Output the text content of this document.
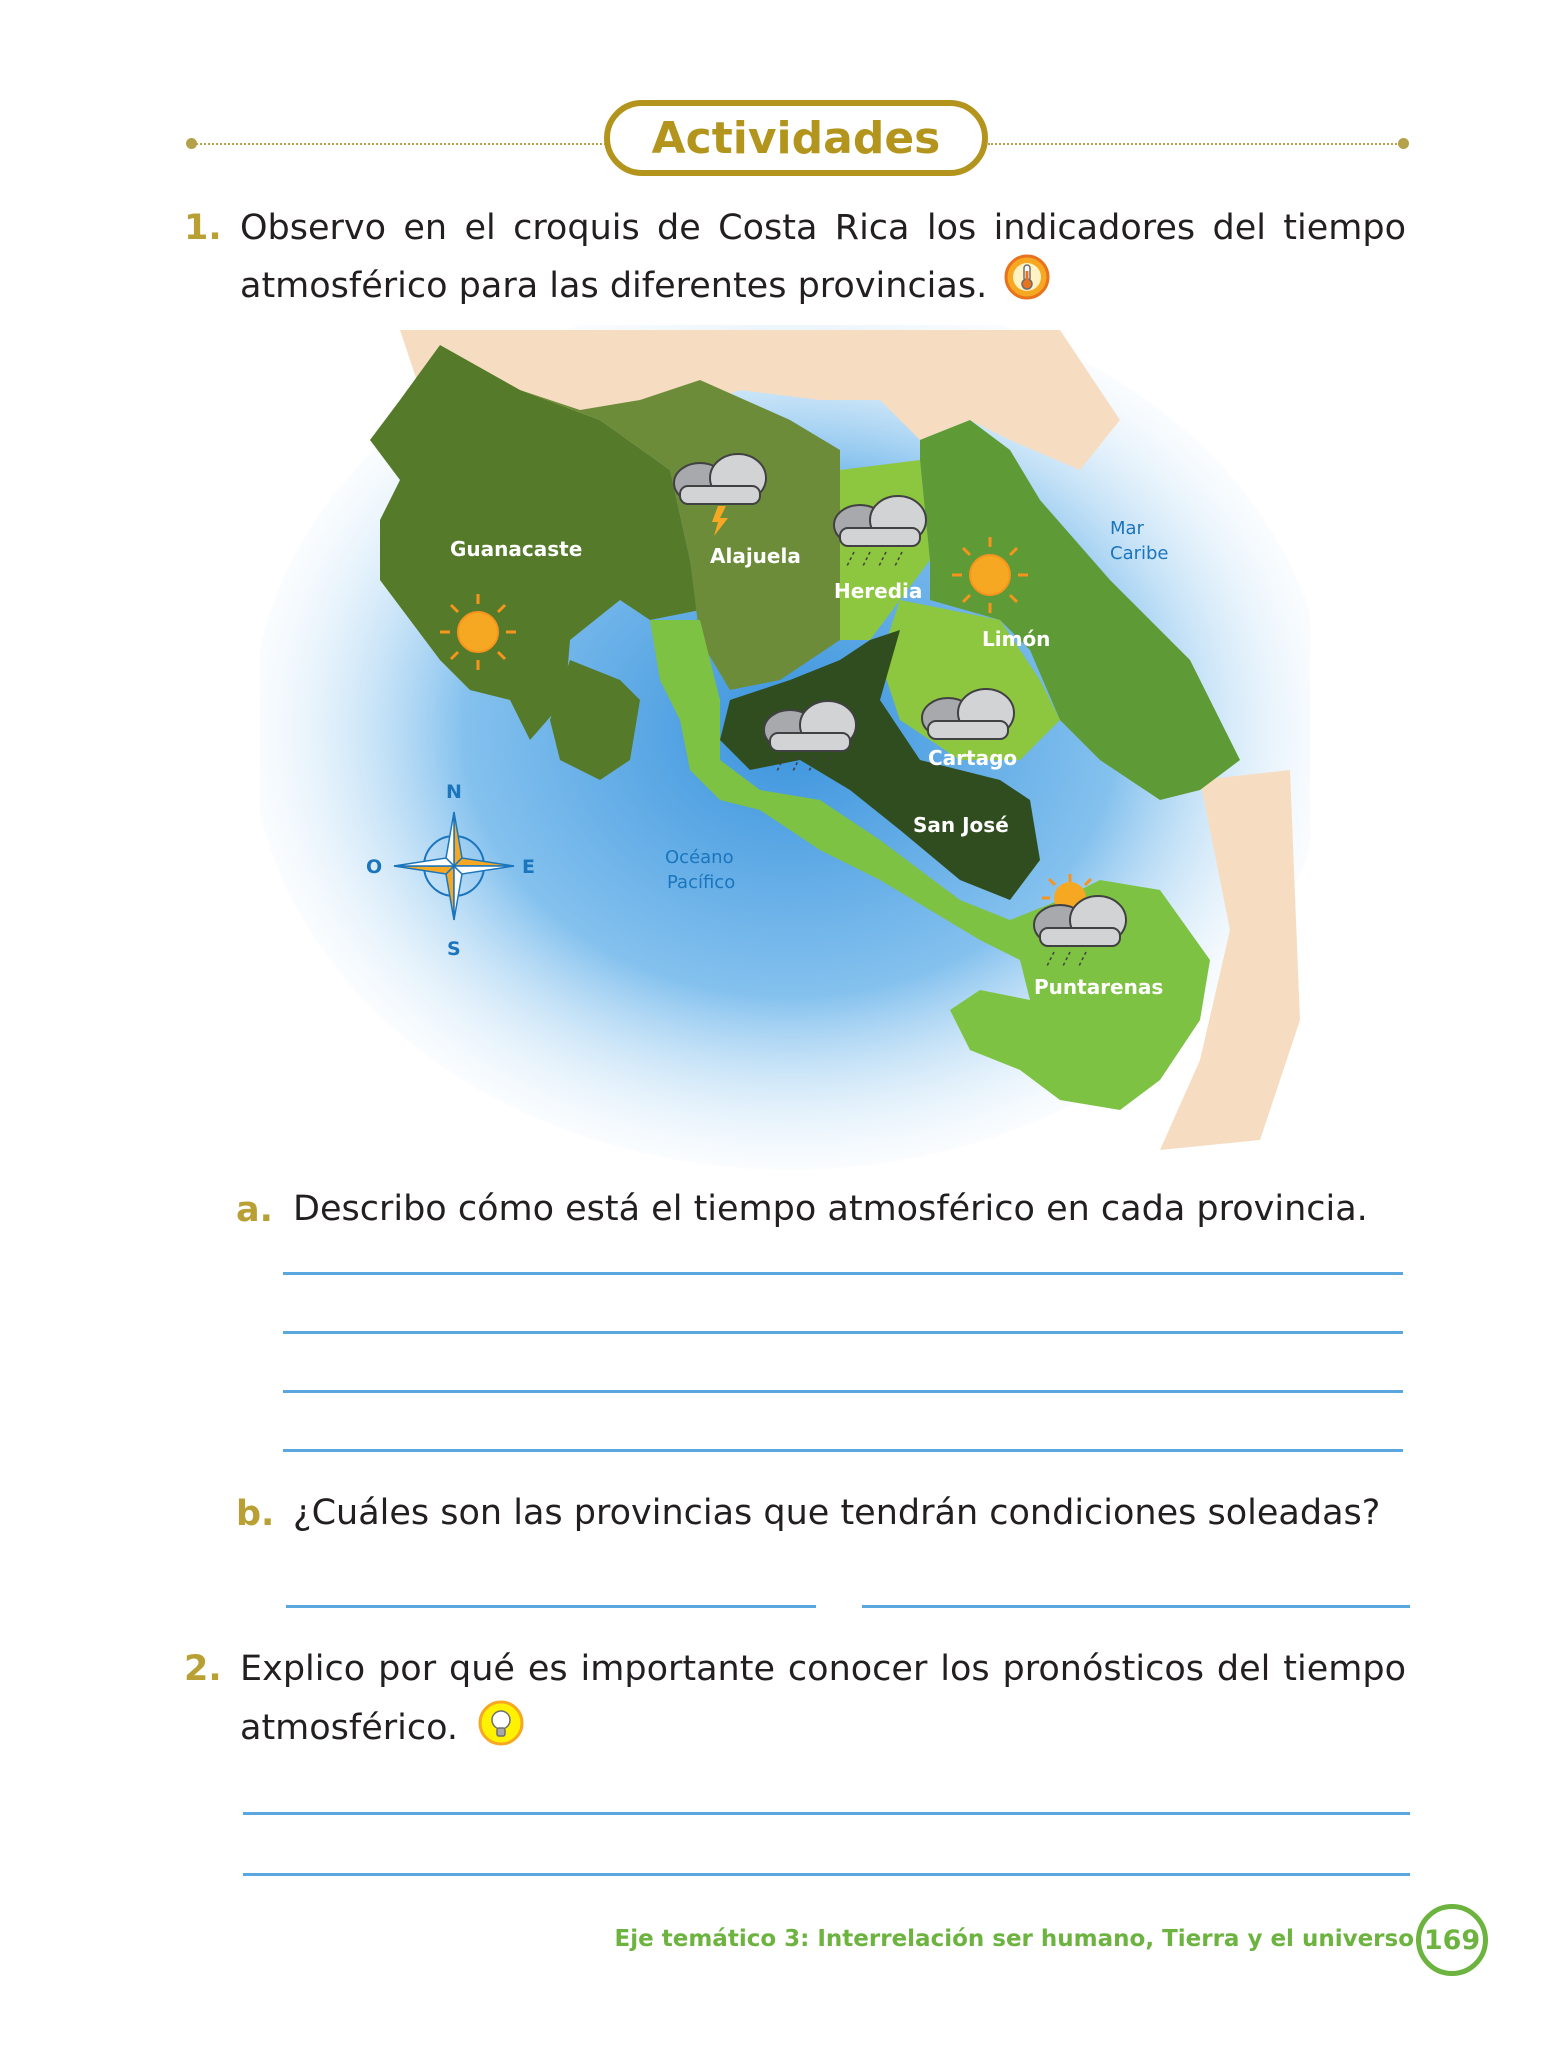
Actividades
1. Observo en el croquis de Costa Rica los indicadores del tiempo
atmosférico para las diferentes provincias.
Guanacaste	Alajuela
Heredia
Limón
Cartago
San José
Puntarenas
Mar
Caribe
Océano
Pacífico
N
S
E
O
a. Describo cómo está el tiempo atmosférico en cada provincia.
b. ¿Cuáles son las provincias que tendrán condiciones soleadas?
2. Explico por qué es importante conocer los pronósticos del tiempo
atmosférico.
Eje temático 3: Interrelación ser humano, Tierra y el universo 169
